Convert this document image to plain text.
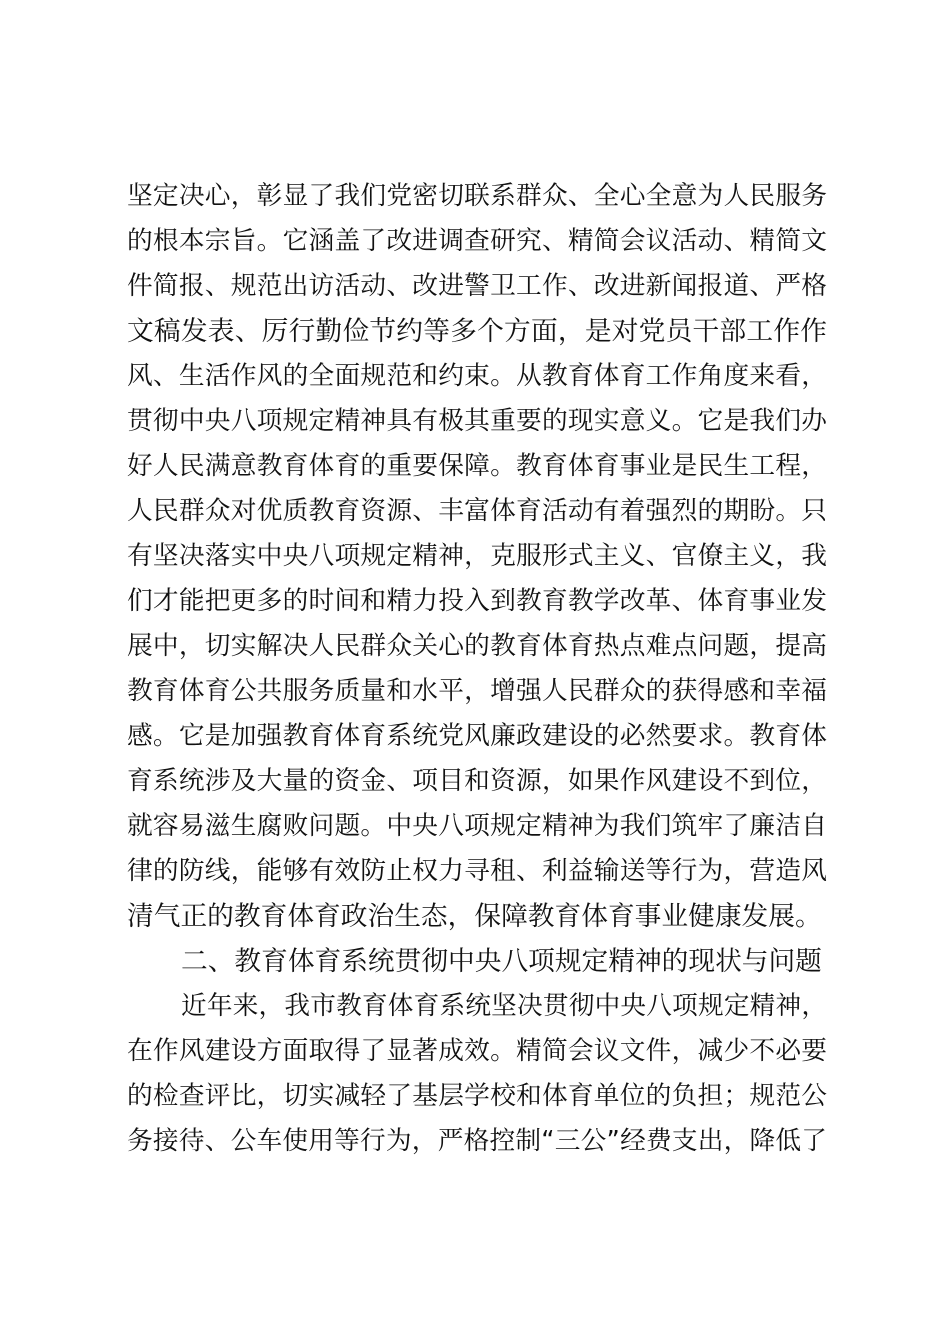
坚定决心，彰显了我们党密切联系群众、全心全意为人民服务
的根本宗旨。它涵盖了改进调查研究、精简会议活动、精简文
件简报、规范出访活动、改进警卫工作、改进新闻报道、严格
文稿发表、厉行勤俭节约等多个方面，是对党员干部工作作
风、生活作风的全面规范和约束。从教育体育工作角度来看，
贯彻中央八项规定精神具有极其重要的现实意义。它是我们办
好人民满意教育体育的重要保障。教育体育事业是民生工程，
人民群众对优质教育资源、丰富体育活动有着强烈的期盼。只
有坚决落实中央八项规定精神，克服形式主义、官僚主义，我
们才能把更多的时间和精力投入到教育教学改革、体育事业发
展中，切实解决人民群众关心的教育体育热点难点问题，提高
教育体育公共服务质量和水平，增强人民群众的获得感和幸福
感。它是加强教育体育系统党风廉政建设的必然要求。教育体
育系统涉及大量的资金、项目和资源，如果作风建设不到位，
就容易滋生腐败问题。中央八项规定精神为我们筑牢了廉洁自
律的防线，能够有效防止权力寻租、利益输送等行为，营造风
清气正的教育体育政治生态，保障教育体育事业健康发展。
二、教育体育系统贯彻中央八项规定精神的现状与问题
近年来，我市教育体育系统坚决贯彻中央八项规定精神，
在作风建设方面取得了显著成效。精简会议文件，减少不必要
的检查评比，切实减轻了基层学校和体育单位的负担；规范公
务接待、公车使用等行为，严格控制“三公”经费支出，降低了
